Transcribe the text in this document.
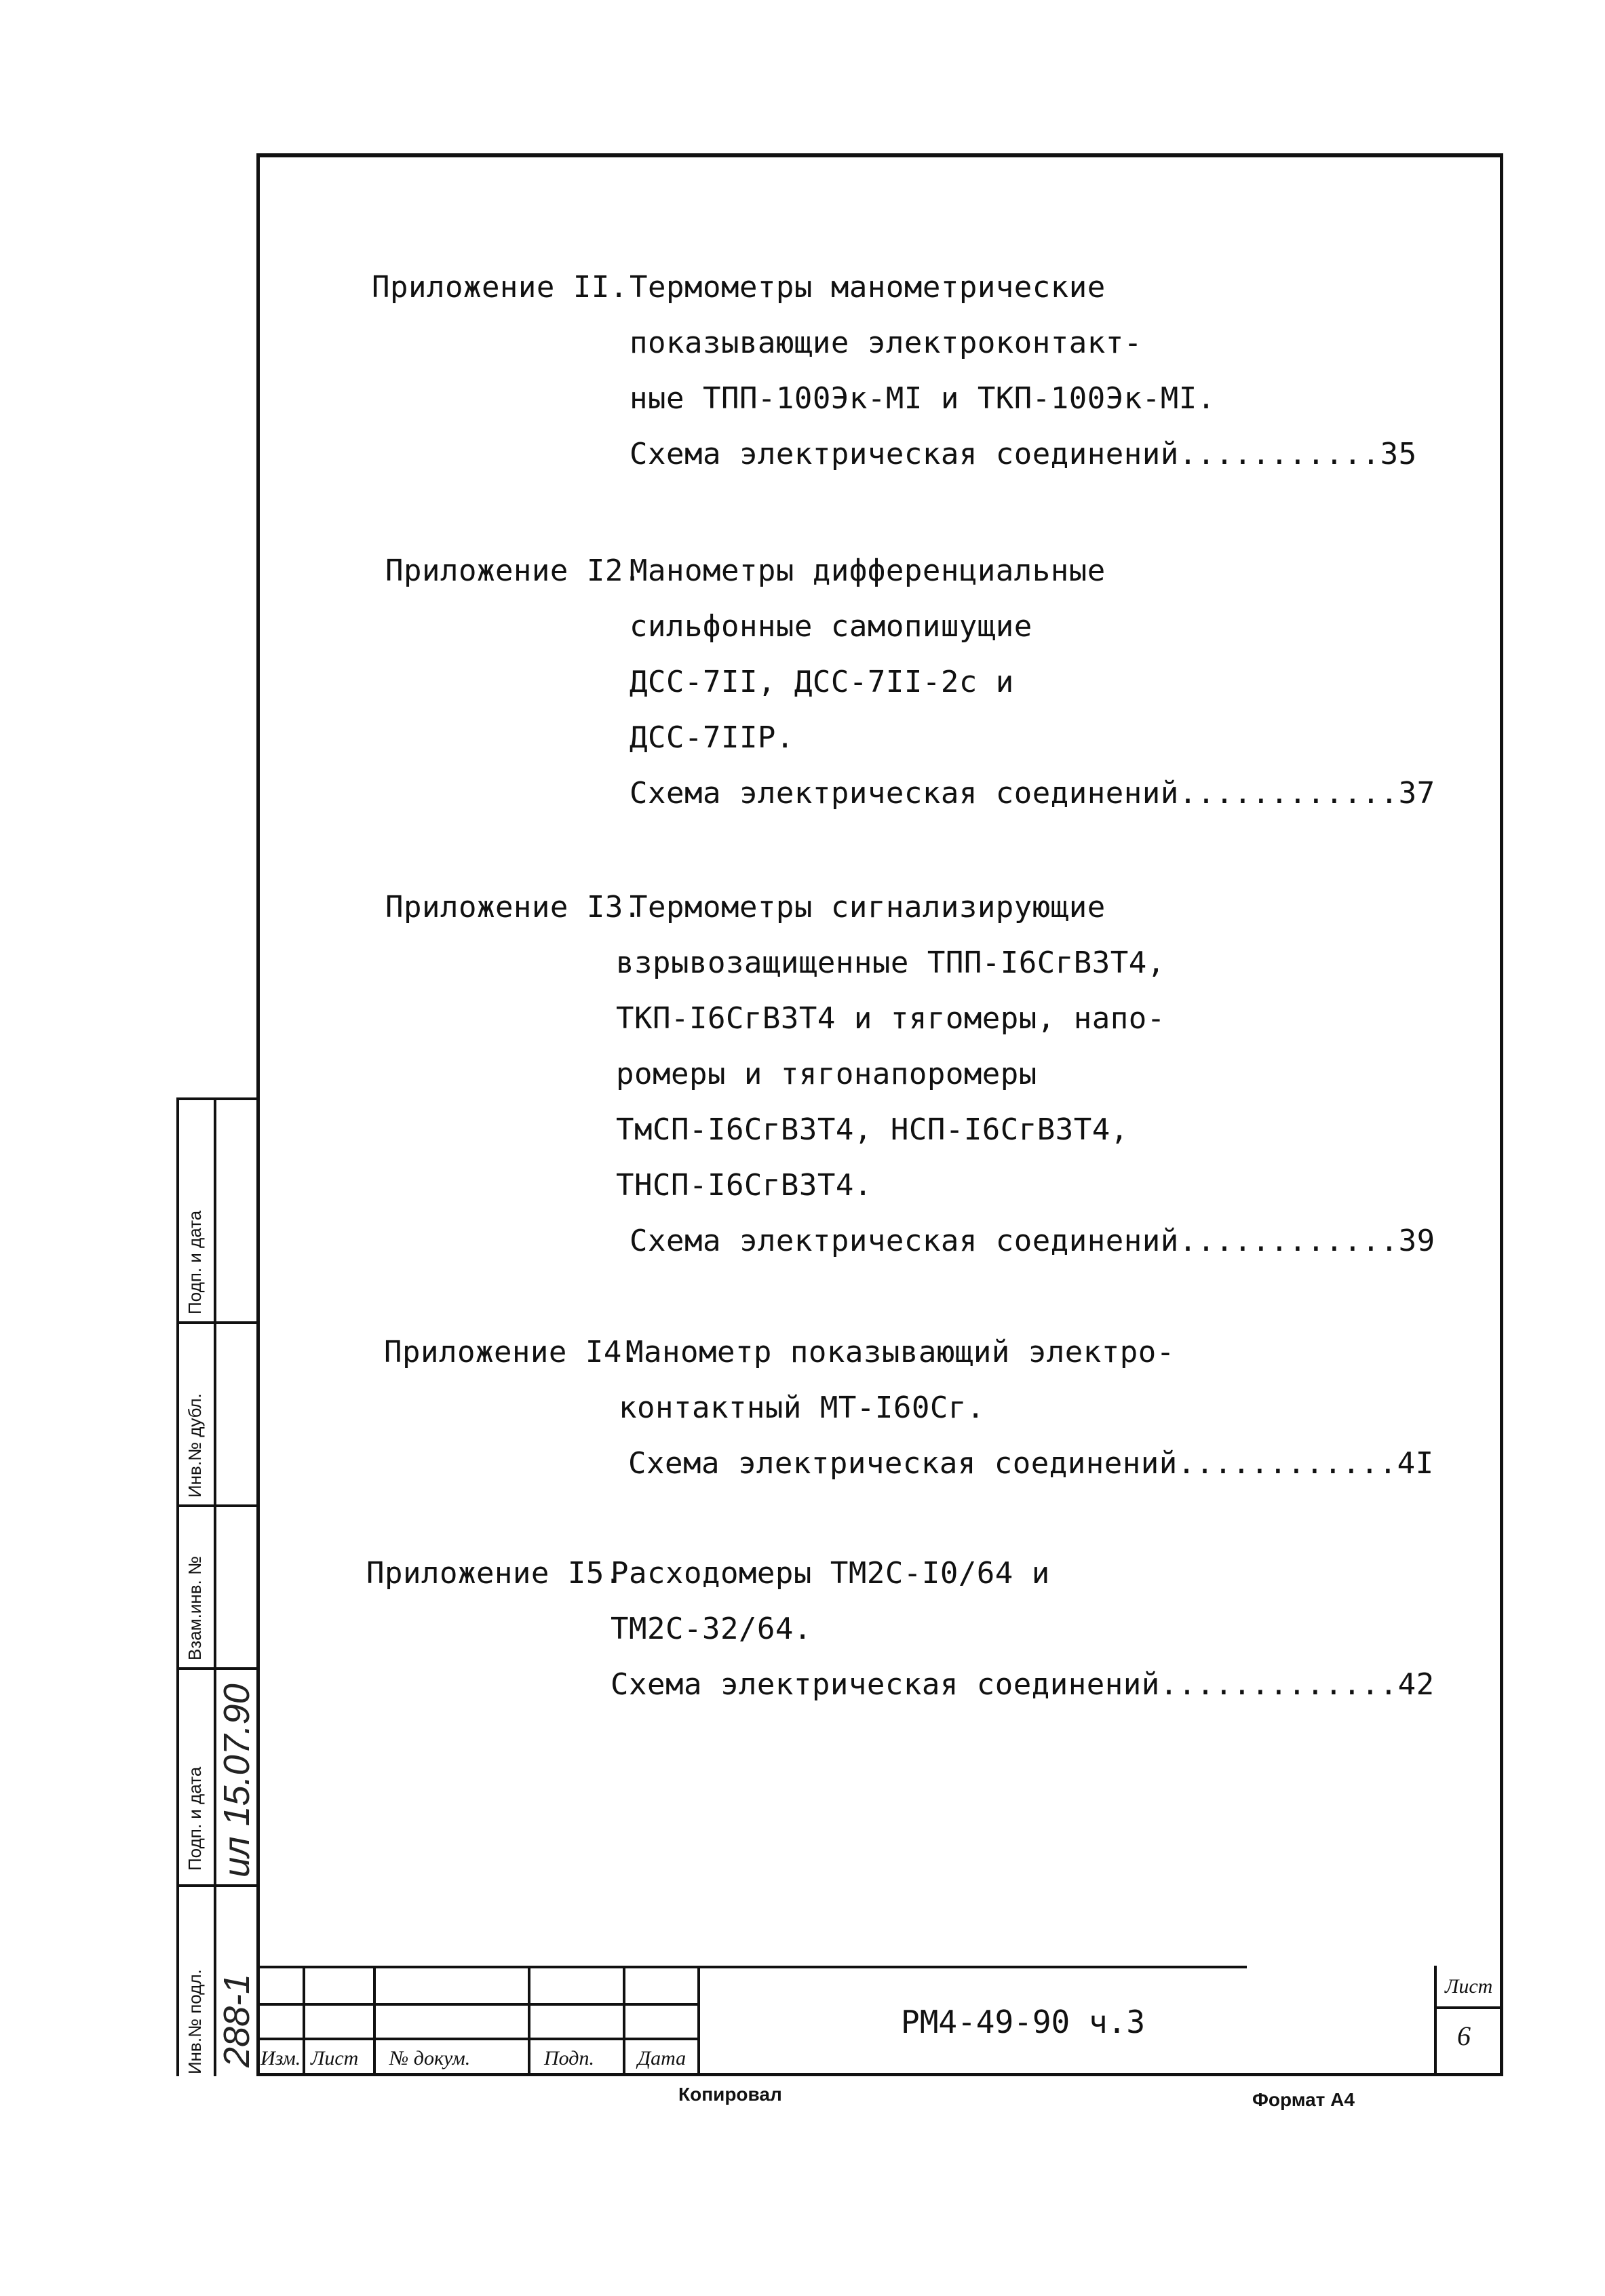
Приложение II.

Термометры манометрические

показывающие электроконтакт-

ные ТПП-100Эк-МI и ТКП-100Эк-МI.

Схема электрическая соединений...........35

Приложение I2.

Манометры дифференциальные

сильфонные самопишущие

ДСС-7II, ДСС-7II-2с и

ДСС-7IIР.

Схема электрическая соединений............37

Приложение I3.

Термометры сигнализирующие

взрывозащищенные ТПП-I6СгВЗТ4,

ТКП-I6СгВЗТ4 и тягомеры, напо-

ромеры и тягонапоромеры

ТмСП-I6СгВЗТ4, НСП-I6СгВЗТ4,

ТНСП-I6СгВЗТ4.

Схема электрическая соединений............39

Приложение I4.

Манометр показывающий электро-

контактный МТ-I60Сг.

Схема электрическая соединений............4I

Приложение I5.

Расходомеры ТМ2С-I0/64 и

ТМ2С-32/64.

Схема электрическая соединений.............42

Инв.№ подл.
Подп. и дата
Взам.инв. №
Инв.№ дубл.
Подп. и дата
288-1
ил 15.07.90
Изм. Лист № докум.	Подп. Дата
РМ4-49-90 ч.3
Лист
6
Копировал	Формат А4
